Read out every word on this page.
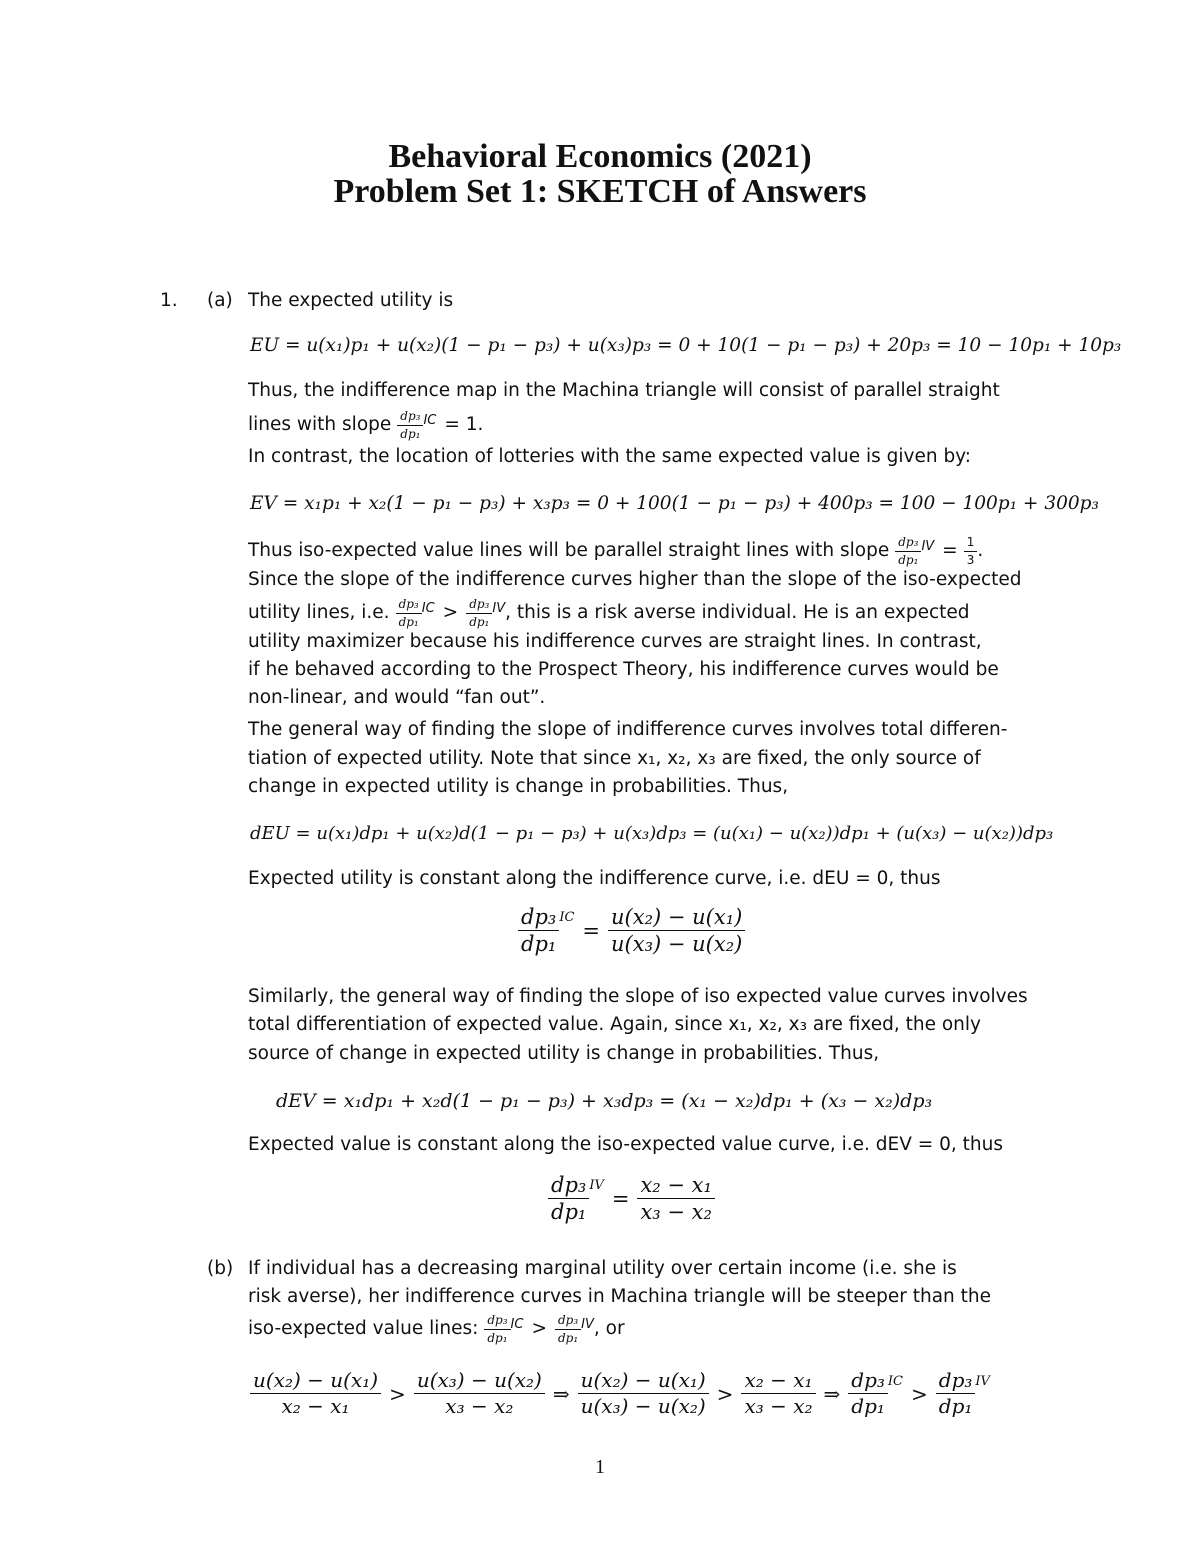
Behavioral Economics (2021)
Problem Set 1: SKETCH of Answers
1. (a) The expected utility is
EU = u(x₁)p₁ + u(x₂)(1 − p₁ − p₃) + u(x₃)p₃ = 0 + 10(1 − p₁ − p₃) + 20p₃ = 10 − 10p₁ + 10p₃
Thus, the indifference map in the Machina triangle will consist of parallel straight
lines with slope $\frac{\text{dp₃}}{\text{dp₁}}$ IC = 1.
In contrast, the location of lotteries with the same expected value is given by:
EV = x₁p₁ + x₂(1 − p₁ − p₃) + x₃p₃ = 0 + 100(1 − p₁ − p₃) + 400p₃ = 100 − 100p₁ + 300p₃
Thus iso-expected value lines will be parallel straight lines with slope $\frac{\text{dp₃}}{\text{dp₁}}$ IV = $\frac{1}{3}$ .
Since the slope of the indifference curves higher than the slope of the iso-expected
utility lines, i.e. $\frac{\text{dp₃}}{\text{dp₁}}$ IC > $\frac{\text{dp₃}}{\text{dp₁}}$ IV , this is a risk averse individual. He is an expected
utility maximizer because his indifference curves are straight lines. In contrast,
if he behaved according to the Prospect Theory, his indifference curves would be
non-linear, and would “fan out”.
The general way of finding the slope of indifference curves involves total differen-
tiation of expected utility. Note that since x₁, x₂, x₃ are fixed, the only source of
change in expected utility is change in probabilities. Thus,
dEU = u(x₁)dp₁ + u(x₂)d(1 − p₁ − p₃) + u(x₃)dp₃ = (u(x₁) − u(x₂))dp₁ + (u(x₃) − u(x₂))dp₃
Expected utility is constant along the indifference curve, i.e. dEU = 0, thus
$\frac{\text{dp₃}}{\text{dp₁}}$ IC
= $\frac{\text{u(x₂) − u(x₁)}}{\text{u(x₃) − u(x₂)}}$
Similarly, the general way of finding the slope of iso expected value curves involves
total differentiation of expected value. Again, since x₁, x₂, x₃ are fixed, the only
source of change in expected utility is change in probabilities. Thus,
dEV = x₁dp₁ + x₂d(1 − p₁ − p₃) + x₃dp₃ = (x₁ − x₂)dp₁ + (x₃ − x₂)dp₃
Expected value is constant along the iso-expected value curve, i.e. dEV = 0, thus
$\frac{\text{dp₃}}{\text{dp₁}}$ IV
= $\frac{\text{x₂ − x₁}}{\text{x₃ − x₂}}$
(b) If individual has a decreasing marginal utility over certain income (i.e. she is
risk averse), her indifference curves in Machina triangle will be steeper than the
iso-expected value lines: $\frac{\text{dp₃}}{\text{dp₁}}$ IC > $\frac{\text{dp₃}}{\text{dp₁}}$ IV , or
$\frac{\text{u(x₂) − u(x₁)}}{\text{x₂ − x₁}} > \frac{\text{u(x₃) − u(x₂)}}{\text{x₃ − x₂}}$ ⇒ $\frac{\text{u(x₂) − u(x₁)}}{\text{u(x₃) − u(x₂)}} > \frac{\text{x₂ − x₁}}{\text{x₃ − x₂}}$ ⇒ $\frac{\text{dp₃}}{\text{dp₁}}$ IC > $\frac{\text{dp₃}}{\text{dp₁}}$ IV
1
